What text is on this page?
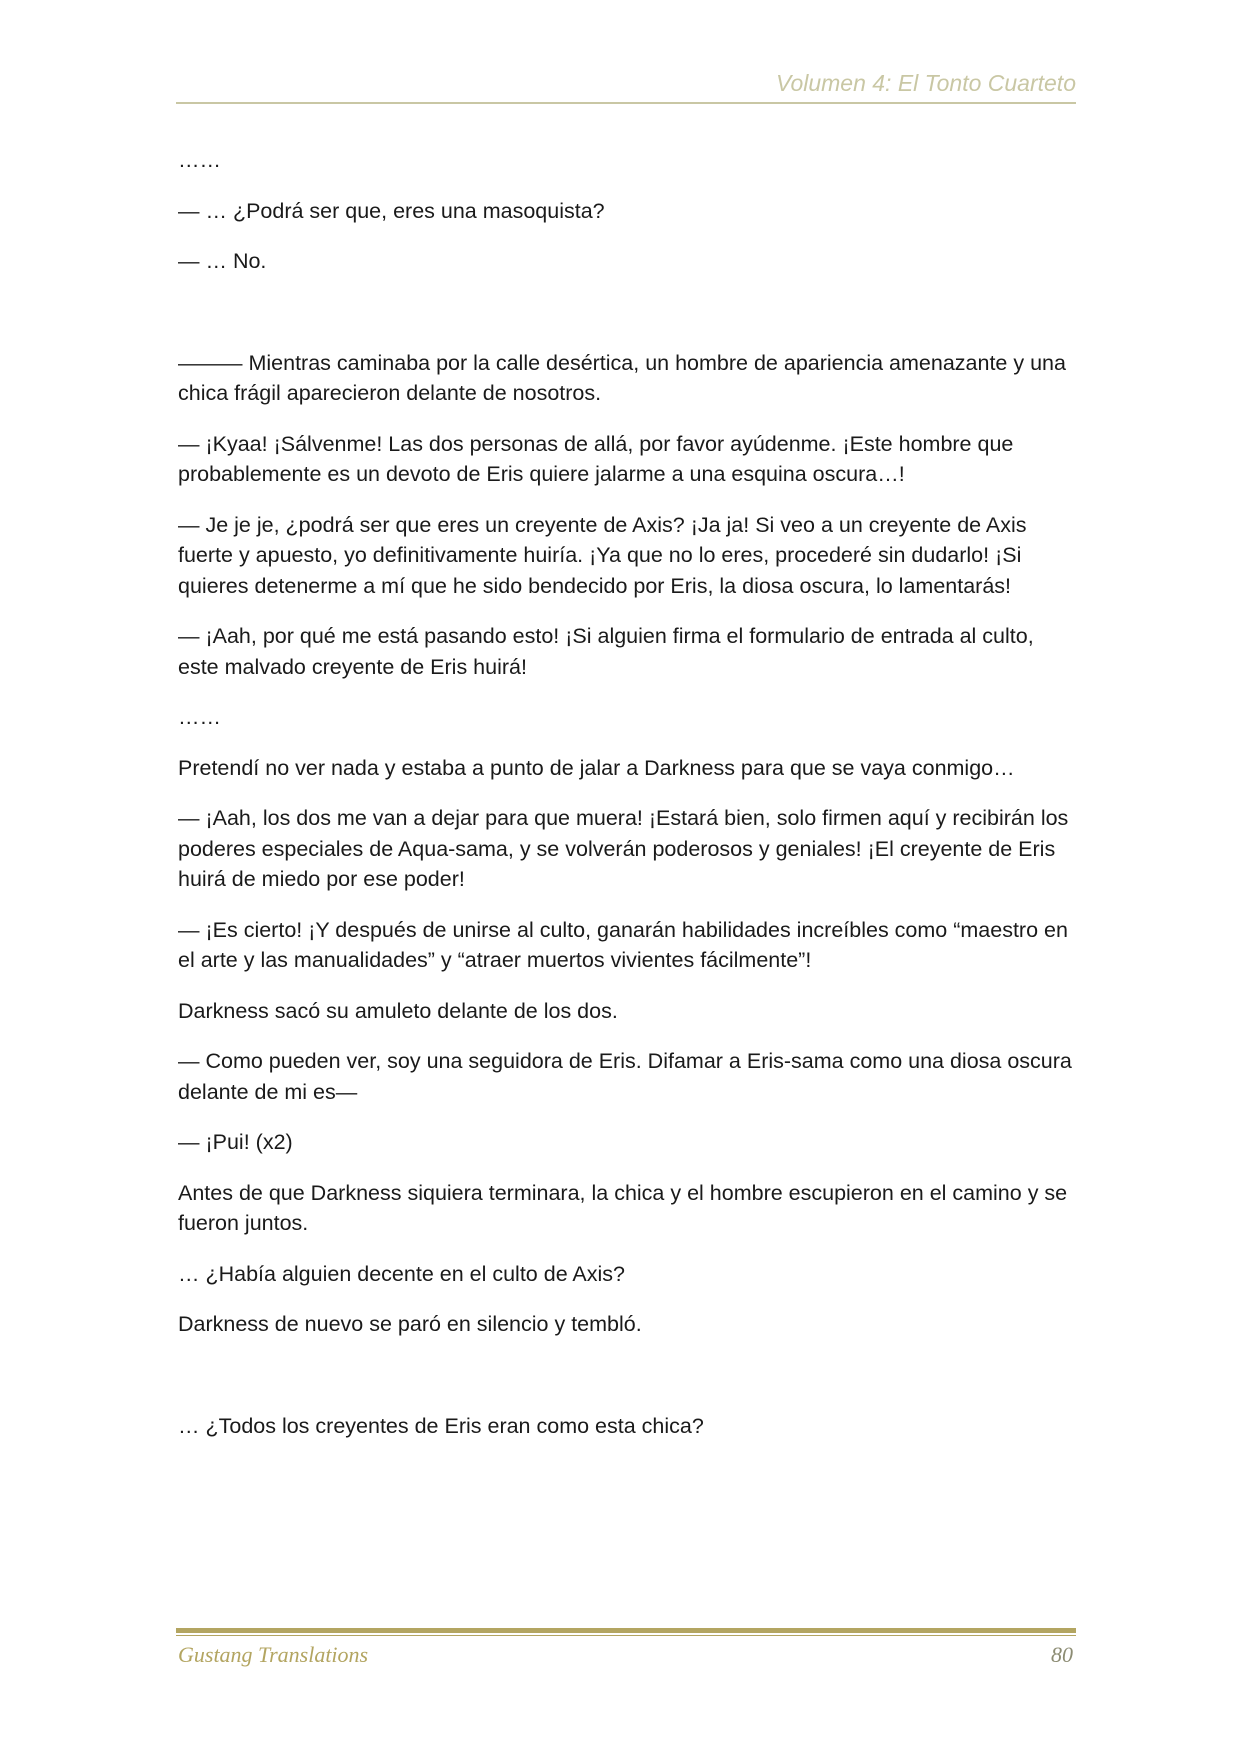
Volumen 4: El Tonto Cuarteto

……

— … ¿Podrá ser que, eres una masoquista?

— … No.

——— Mientras caminaba por la calle desértica, un hombre de apariencia amenazante y una chica frágil aparecieron delante de nosotros.

— ¡Kyaa! ¡Sálvenme! Las dos personas de allá, por favor ayúdenme. ¡Este hombre que probablemente es un devoto de Eris quiere jalarme a una esquina oscura…!

— Je je je, ¿podrá ser que eres un creyente de Axis? ¡Ja ja! Si veo a un creyente de Axis fuerte y apuesto, yo definitivamente huiría. ¡Ya que no lo eres, procederé sin dudarlo! ¡Si quieres detenerme a mí que he sido bendecido por Eris, la diosa oscura, lo lamentarás!

— ¡Aah, por qué me está pasando esto! ¡Si alguien firma el formulario de entrada al culto, este malvado creyente de Eris huirá!

……

Pretendí no ver nada y estaba a punto de jalar a Darkness para que se vaya conmigo…

— ¡Aah, los dos me van a dejar para que muera! ¡Estará bien, solo firmen aquí y recibirán los poderes especiales de Aqua-sama, y se volverán poderosos y geniales! ¡El creyente de Eris huirá de miedo por ese poder!

— ¡Es cierto! ¡Y después de unirse al culto, ganarán habilidades increíbles como “maestro en el arte y las manualidades” y “atraer muertos vivientes fácilmente”!

Darkness sacó su amuleto delante de los dos.

— Como pueden ver, soy una seguidora de Eris. Difamar a Eris-sama como una diosa oscura delante de mi es—

— ¡Pui! (x2)

Antes de que Darkness siquiera terminara, la chica y el hombre escupieron en el camino y se fueron juntos.

… ¿Había alguien decente en el culto de Axis?

Darkness de nuevo se paró en silencio y tembló.

… ¿Todos los creyentes de Eris eran como esta chica?

Gustang Translations	80
